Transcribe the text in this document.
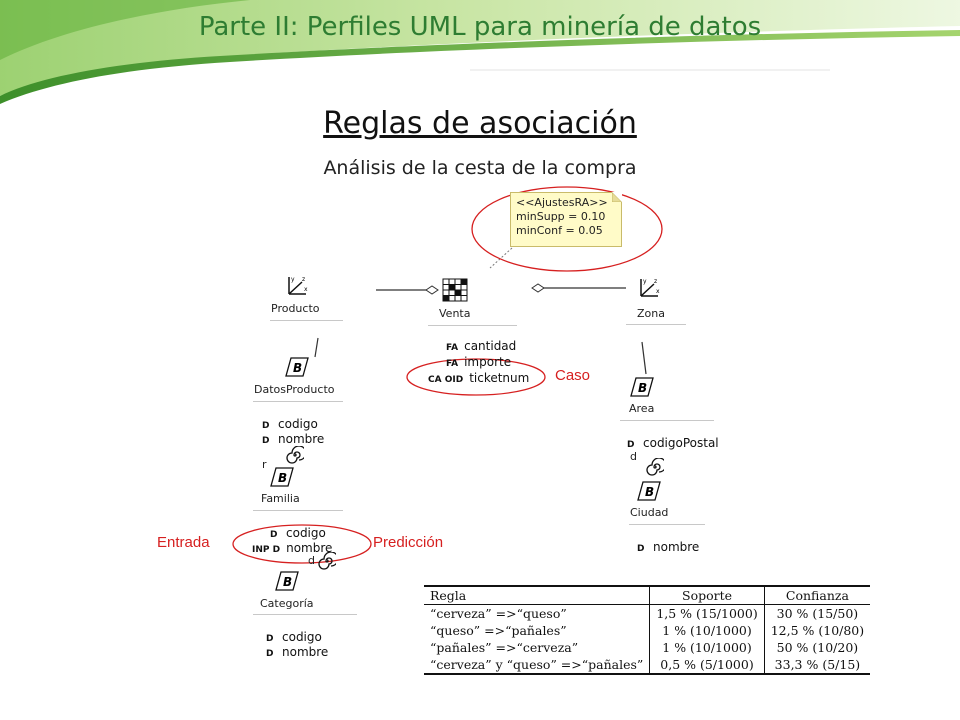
Parte II: Perfiles UML para minería de datos
Reglas de asociación
Análisis de la cesta de la compra
<<AjustesRA>>
minSupp = 0.10
minConf = 0.05
y z
x
Producto	Venta
FA cantidad
FA importe
CA OID ticketnum
y z
x
Zona
B
DatosProducto
D codigo
D nombre
r
B
Familia
D codigo
INP D nombre
d
B
Categoría
D codigo
D nombre
B
Area
D codigoPostal
d
B
Ciudad
D nombre
Caso
Entrada	Predicción
Regla	Soporte	Confianza
“cerveza” =>“queso”	1,5 % (15/1000)	30 % (15/50)
“queso” =>“pañales”	1 % (10/1000)	12,5 % (10/80)
“pañales” =>“cerveza”	1 % (10/1000)	50 % (10/20)
“cerveza” y “queso” =>“pañales”	0,5 % (5/1000)	33,3 % (5/15)
